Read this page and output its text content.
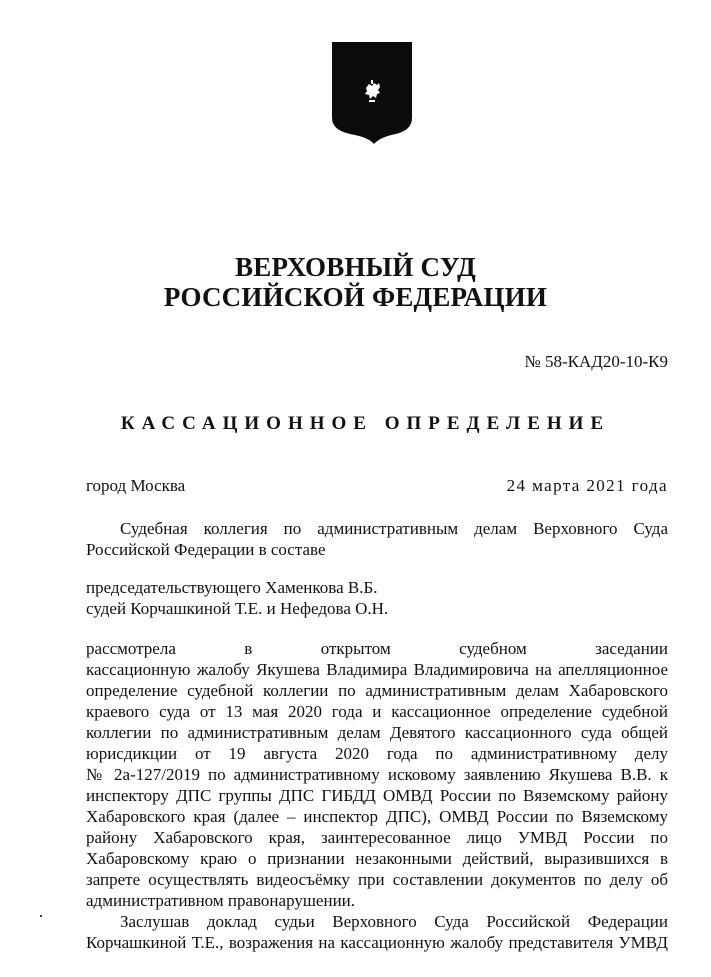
ВЕРХОВНЫЙ СУД
РОССИЙСКОЙ ФЕДЕРАЦИИ
№ 58-КАД20-10-К9
КАССАЦИОННОЕ ОПРЕДЕЛЕНИЕ
город Москва	24 марта 2021 года
Судебная коллегия по административным делам Верховного Суда
Российской Федерации в составе
председательствующего Хаменкова В.Б.
судей Корчашкиной Т.Е. и Нефедова О.Н.
рассмотрела в открытом судебном заседании
кассационную жалобу Якушева Владимира Владимировича на апелляционное
определение судебной коллегии по административным делам Хабаровского
краевого суда от 13 мая 2020 года и кассационное определение судебной
коллегии по административным делам Девятого кассационного суда общей
юрисдикции от 19 августа 2020 года по административному делу
№ 2а-127/2019 по административному исковому заявлению Якушева В.В. к
инспектору ДПС группы ДПС ГИБДД ОМВД России по Вяземскому району
Хабаровского края (далее – инспектор ДПС), ОМВД России по Вяземскому
району Хабаровского края, заинтересованное лицо УМВД России по
Хабаровскому краю о признании незаконными действий, выразившихся в
запрете осуществлять видеосъёмку при составлении документов по делу об
административном правонарушении.
Заслушав доклад судьи Верховного Суда Российской Федерации
Корчашкиной Т.Е., возражения на кассационную жалобу представителя УМВД
